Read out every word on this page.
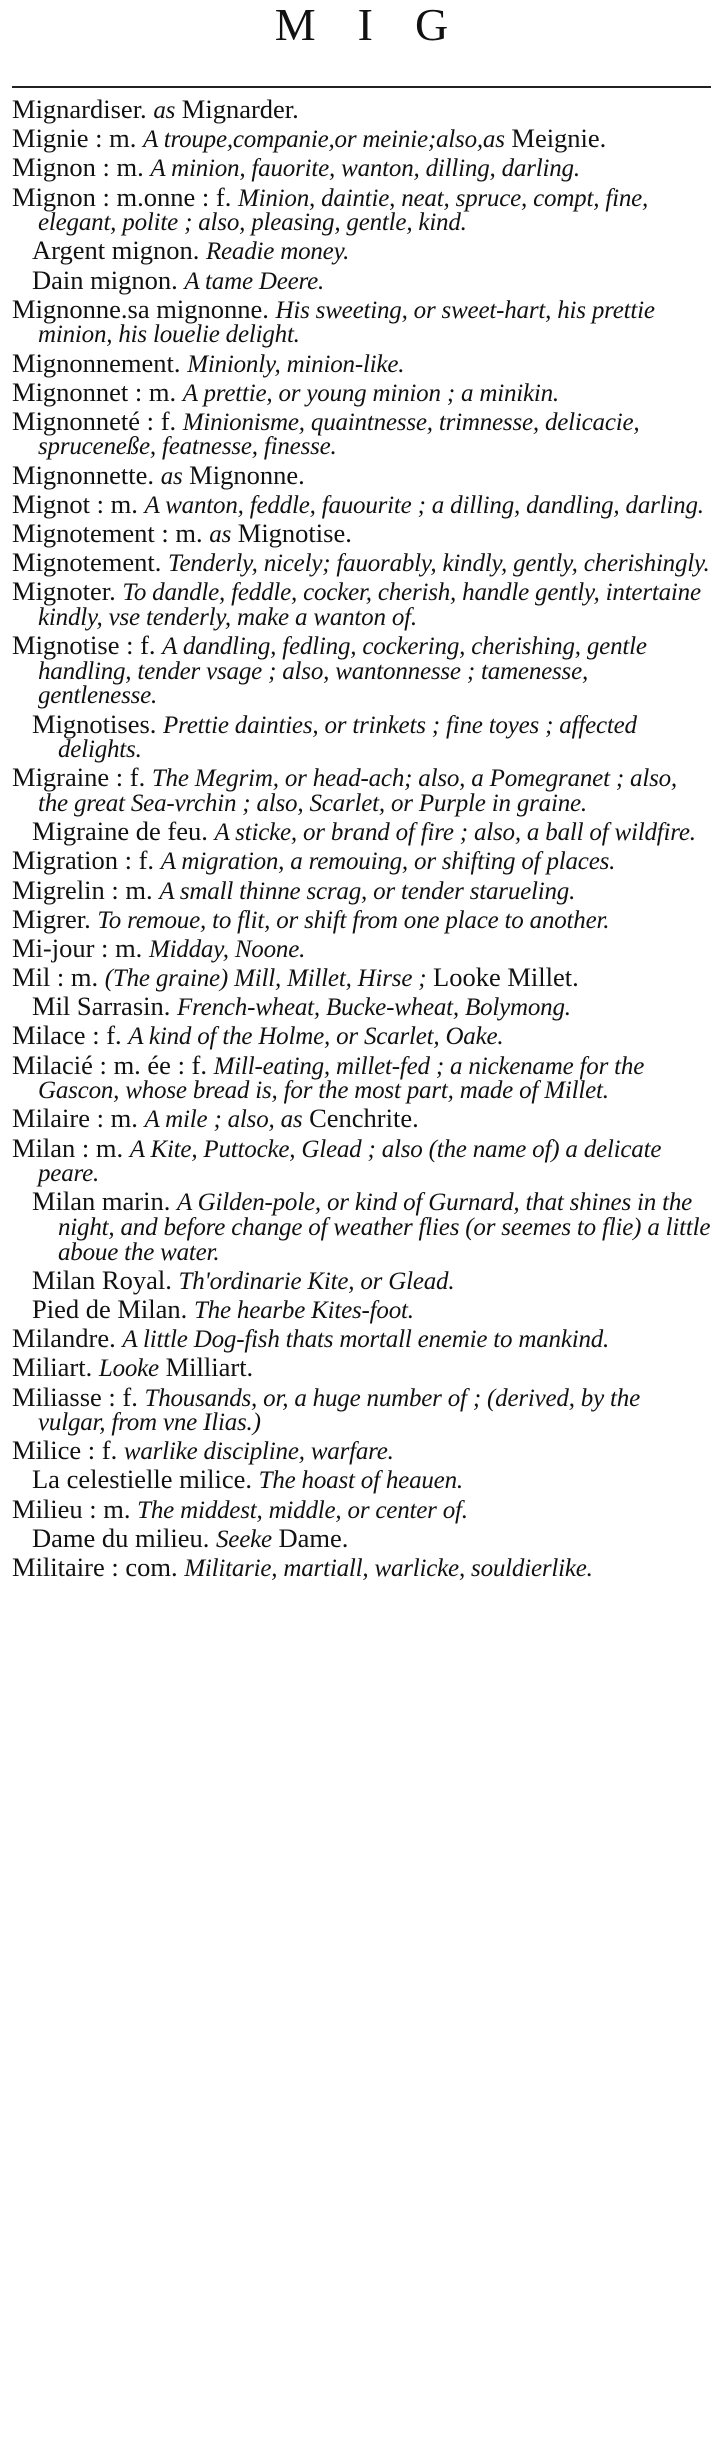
MIG
Mignardiser. as Mignarder.
Mignie : m. A troupe,companie,or meinie;also,as Meignie.
Mignon : m. A minion, fauorite, wanton, dilling, darling.
Mignon : m.onne : f. Minion, daintie, neat, spruce, compt, fine, elegant, polite ; also, pleasing, gentle, kind.
Argent mignon. Readie money.
Dain mignon. A tame Deere.
Mignonne.sa mignonne. His sweeting, or sweet-hart, his prettie minion, his louelie delight.
Mignonnement. Minionly, minion-like.
Mignonnet : m. A prettie, or young minion ; a minikin.
Mignonneté : f. Minionisme, quaintnesse, trimnesse, delicacie, spruceneße, featnesse, finesse.
Mignonnette. as Mignonne.
Mignot : m. A wanton, feddle, fauourite ; a dilling, dandling, darling.
Mignotement : m. as Mignotise.
Mignotement. Tenderly, nicely; fauorably, kindly, gently, cherishingly.
Mignoter. To dandle, feddle, cocker, cherish, handle gently, intertaine kindly, vse tenderly, make a wanton of.
Mignotise : f. A dandling, fedling, cockering, cherishing, gentle handling, tender vsage ; also, wantonnesse ; tamenesse, gentlenesse.
Mignotises. Prettie dainties, or trinkets ; fine toyes ; affected delights.
Migraine : f. The Megrim, or head-ach; also, a Pomegranet ; also, the great Sea-vrchin ; also, Scarlet, or Purple in graine.
Migraine de feu. A sticke, or brand of fire ; also, a ball of wildfire.
Migration : f. A migration, a remouing, or shifting of places.
Migrelin : m. A small thinne scrag, or tender starueling.
Migrer. To remoue, to flit, or shift from one place to another.
Mi-jour : m. Midday, Noone.
Mil : m. (The graine) Mill, Millet, Hirse ; Looke Millet.
Mil Sarrasin. French-wheat, Bucke-wheat, Bolymong.
Milace : f. A kind of the Holme, or Scarlet, Oake.
Milacié : m. ée : f. Mill-eating, millet-fed ; a nickename for the Gascon, whose bread is, for the most part, made of Millet.
Milaire : m. A mile ; also, as Cenchrite.
Milan : m. A Kite, Puttocke, Glead ; also (the name of) a delicate peare.
Milan marin. A Gilden-pole, or kind of Gurnard, that shines in the night, and before change of weather flies (or seemes to flie) a little aboue the water.
Milan Royal. Th'ordinarie Kite, or Glead.
Pied de Milan. The hearbe Kites-foot.
Milandre. A little Dog-fish thats mortall enemie to mankind.
Miliart. Looke Milliart.
Miliasse : f. Thousands, or, a huge number of ; (derived, by the vulgar, from vne Ilias.)
Milice : f. warlike discipline, warfare.
La celestielle milice. The hoast of heauen.
Milieu : m. The middest, middle, or center of.
Dame du milieu. Seeke Dame.
Militaire : com. Militarie, martiall, warlicke, souldierlike.
